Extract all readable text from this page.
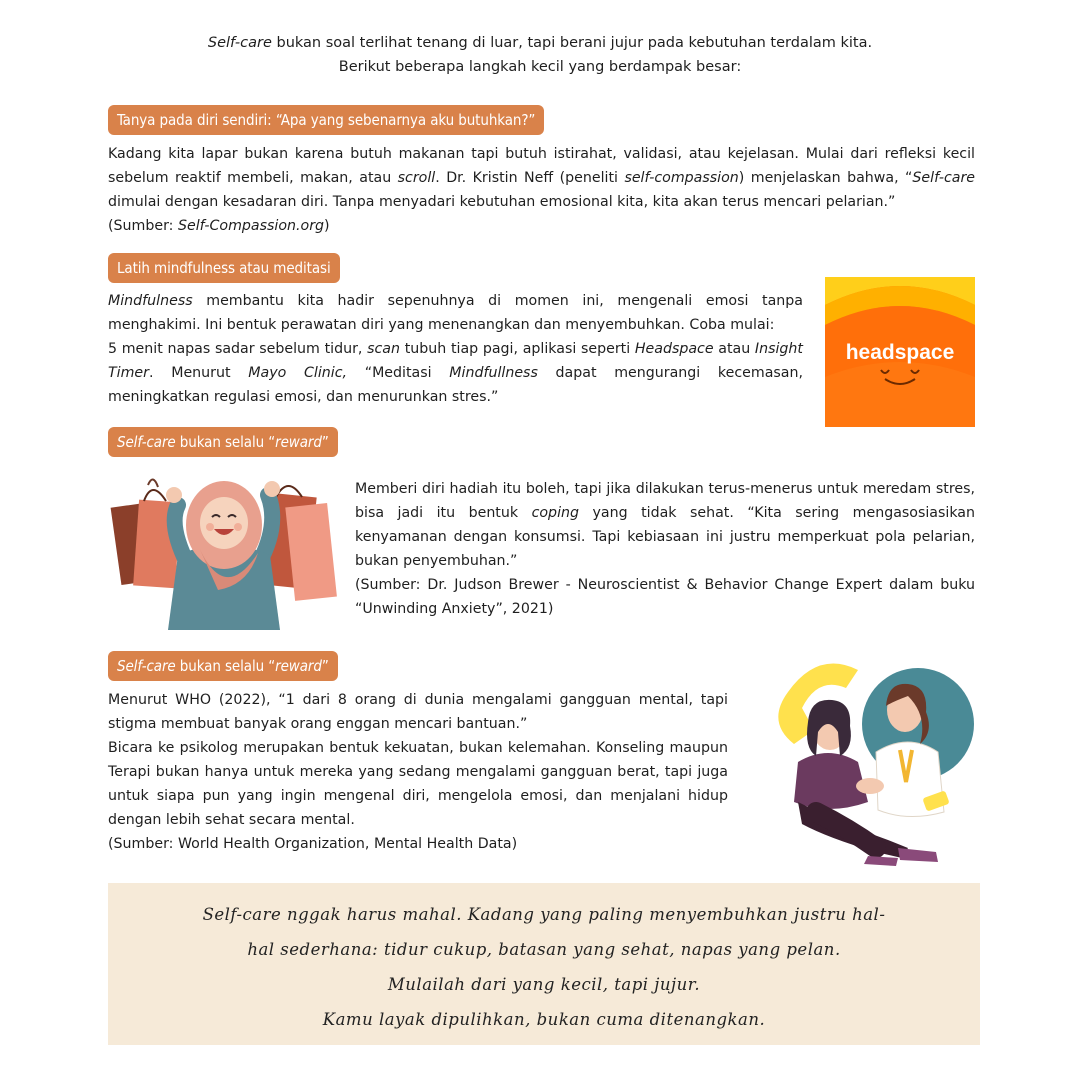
Self-care bukan soal terlihat tenang di luar, tapi berani jujur pada kebutuhan terdalam kita.

Berikut beberapa langkah kecil yang berdampak besar:

Tanya pada diri sendiri: “Apa yang sebenarnya aku butuhkan?”

Kadang kita lapar bukan karena butuh makanan tapi butuh istirahat, validasi, atau kejelasan. Mulai dari refleksi kecil sebelum reaktif membeli, makan, atau scroll. Dr. Kristin Neff (peneliti self-compassion) menjelaskan bahwa, “Self-care dimulai dengan kesadaran diri. Tanpa menyadari kebutuhan emosional kita, kita akan terus mencari pelarian.”

(Sumber: Self-Compassion.org)

Latih mindfulness atau meditasi

Mindfulness membantu kita hadir sepenuhnya di momen ini, mengenali emosi tanpa menghakimi. Ini bentuk perawatan diri yang menenangkan dan menyembuhkan. Coba mulai:

5 menit napas sadar sebelum tidur, scan tubuh tiap pagi, aplikasi seperti Headspace atau Insight Timer. Menurut Mayo Clinic, “Meditasi Mindfullness dapat mengurangi kecemasan, meningkatkan regulasi emosi, dan menurunkan stres.”

headspace
Self-care bukan selalu “reward”

Memberi diri hadiah itu boleh, tapi jika dilakukan terus-menerus untuk meredam stres, bisa jadi itu bentuk coping yang tidak sehat. “Kita sering mengasosiasikan kenyamanan dengan konsumsi. Tapi kebiasaan ini justru memperkuat pola pelarian, bukan penyembuhan.”

(Sumber: Dr. Judson Brewer - Neuroscientist & Behavior Change Expert dalam buku “Unwinding Anxiety”, 2021)

Self-care bukan selalu “reward”

Menurut WHO (2022), “1 dari 8 orang di dunia mengalami gangguan mental, tapi stigma membuat banyak orang enggan mencari bantuan.”

Bicara ke psikolog merupakan bentuk kekuatan, bukan kelemahan. Konseling maupun Terapi bukan hanya untuk mereka yang sedang mengalami gangguan berat, tapi juga untuk siapa pun yang ingin mengenal diri, mengelola emosi, dan menjalani hidup dengan lebih sehat secara mental.

(Sumber: World Health Organization, Mental Health Data)

Self-care nggak harus mahal. Kadang yang paling menyembuhkan justru hal-

hal sederhana: tidur cukup, batasan yang sehat, napas yang pelan.

Mulailah dari yang kecil, tapi jujur.

Kamu layak dipulihkan, bukan cuma ditenangkan.
